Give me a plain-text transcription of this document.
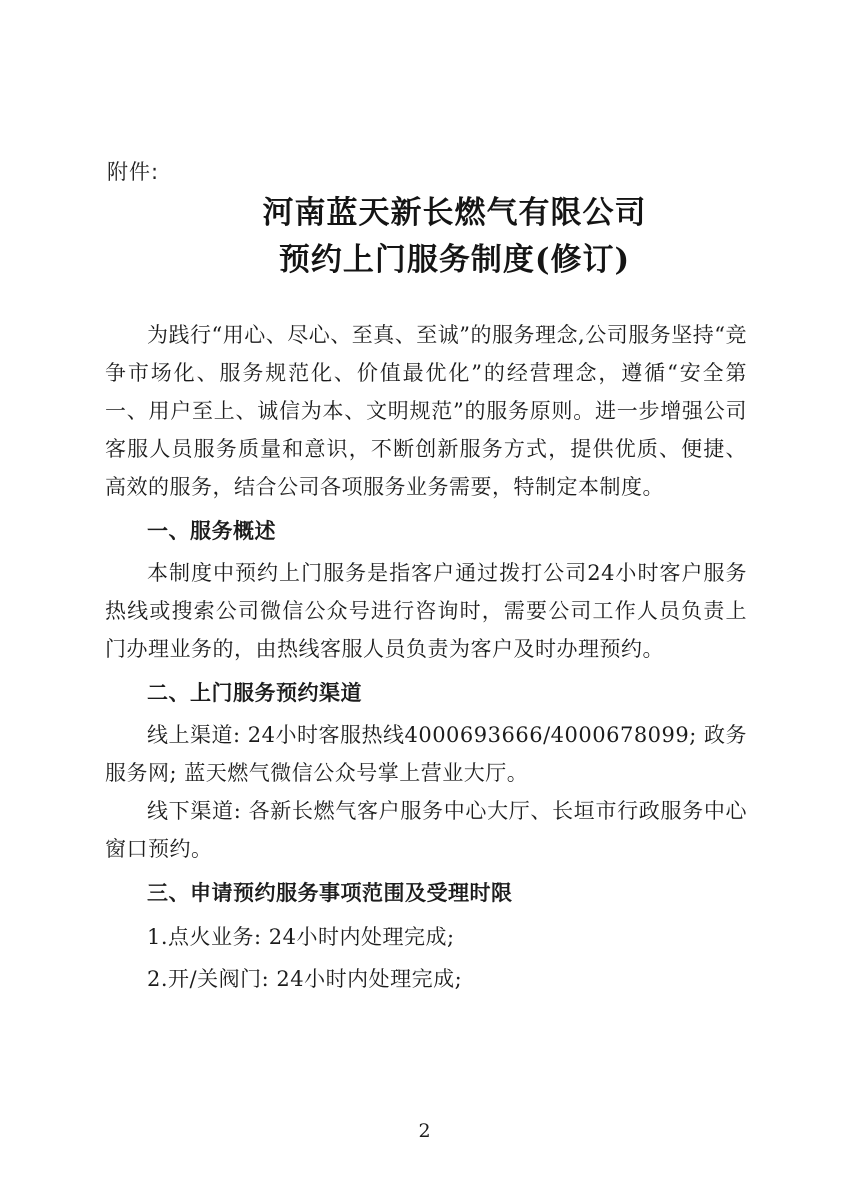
附件:
河南蓝天新长燃气有限公司
预约上门服务制度(修订)

为践行“用心、尽心、至真、至诚”的服务理念,公司服务坚持“竞争市场化、服务规范化、价值最优化”的经营理念，遵循“安全第一、用户至上、诚信为本、文明规范”的服务原则。进一步增强公司客服人员服务质量和意识，不断创新服务方式，提供优质、便捷、高效的服务，结合公司各项服务业务需要，特制定本制度。

一、服务概述

本制度中预约上门服务是指客户通过拨打公司24小时客户服务热线或搜索公司微信公众号进行咨询时，需要公司工作人员负责上门办理业务的，由热线客服人员负责为客户及时办理预约。

二、上门服务预约渠道

线上渠道: 24小时客服热线4000693666/4000678099; 政务服务网; 蓝天燃气微信公众号掌上营业大厅。

线下渠道: 各新长燃气客户服务中心大厅、长垣市行政服务中心窗口预约。

三、申请预约服务事项范围及受理时限

1.点火业务: 24小时内处理完成;

2.开/关阀门: 24小时内处理完成;

2
